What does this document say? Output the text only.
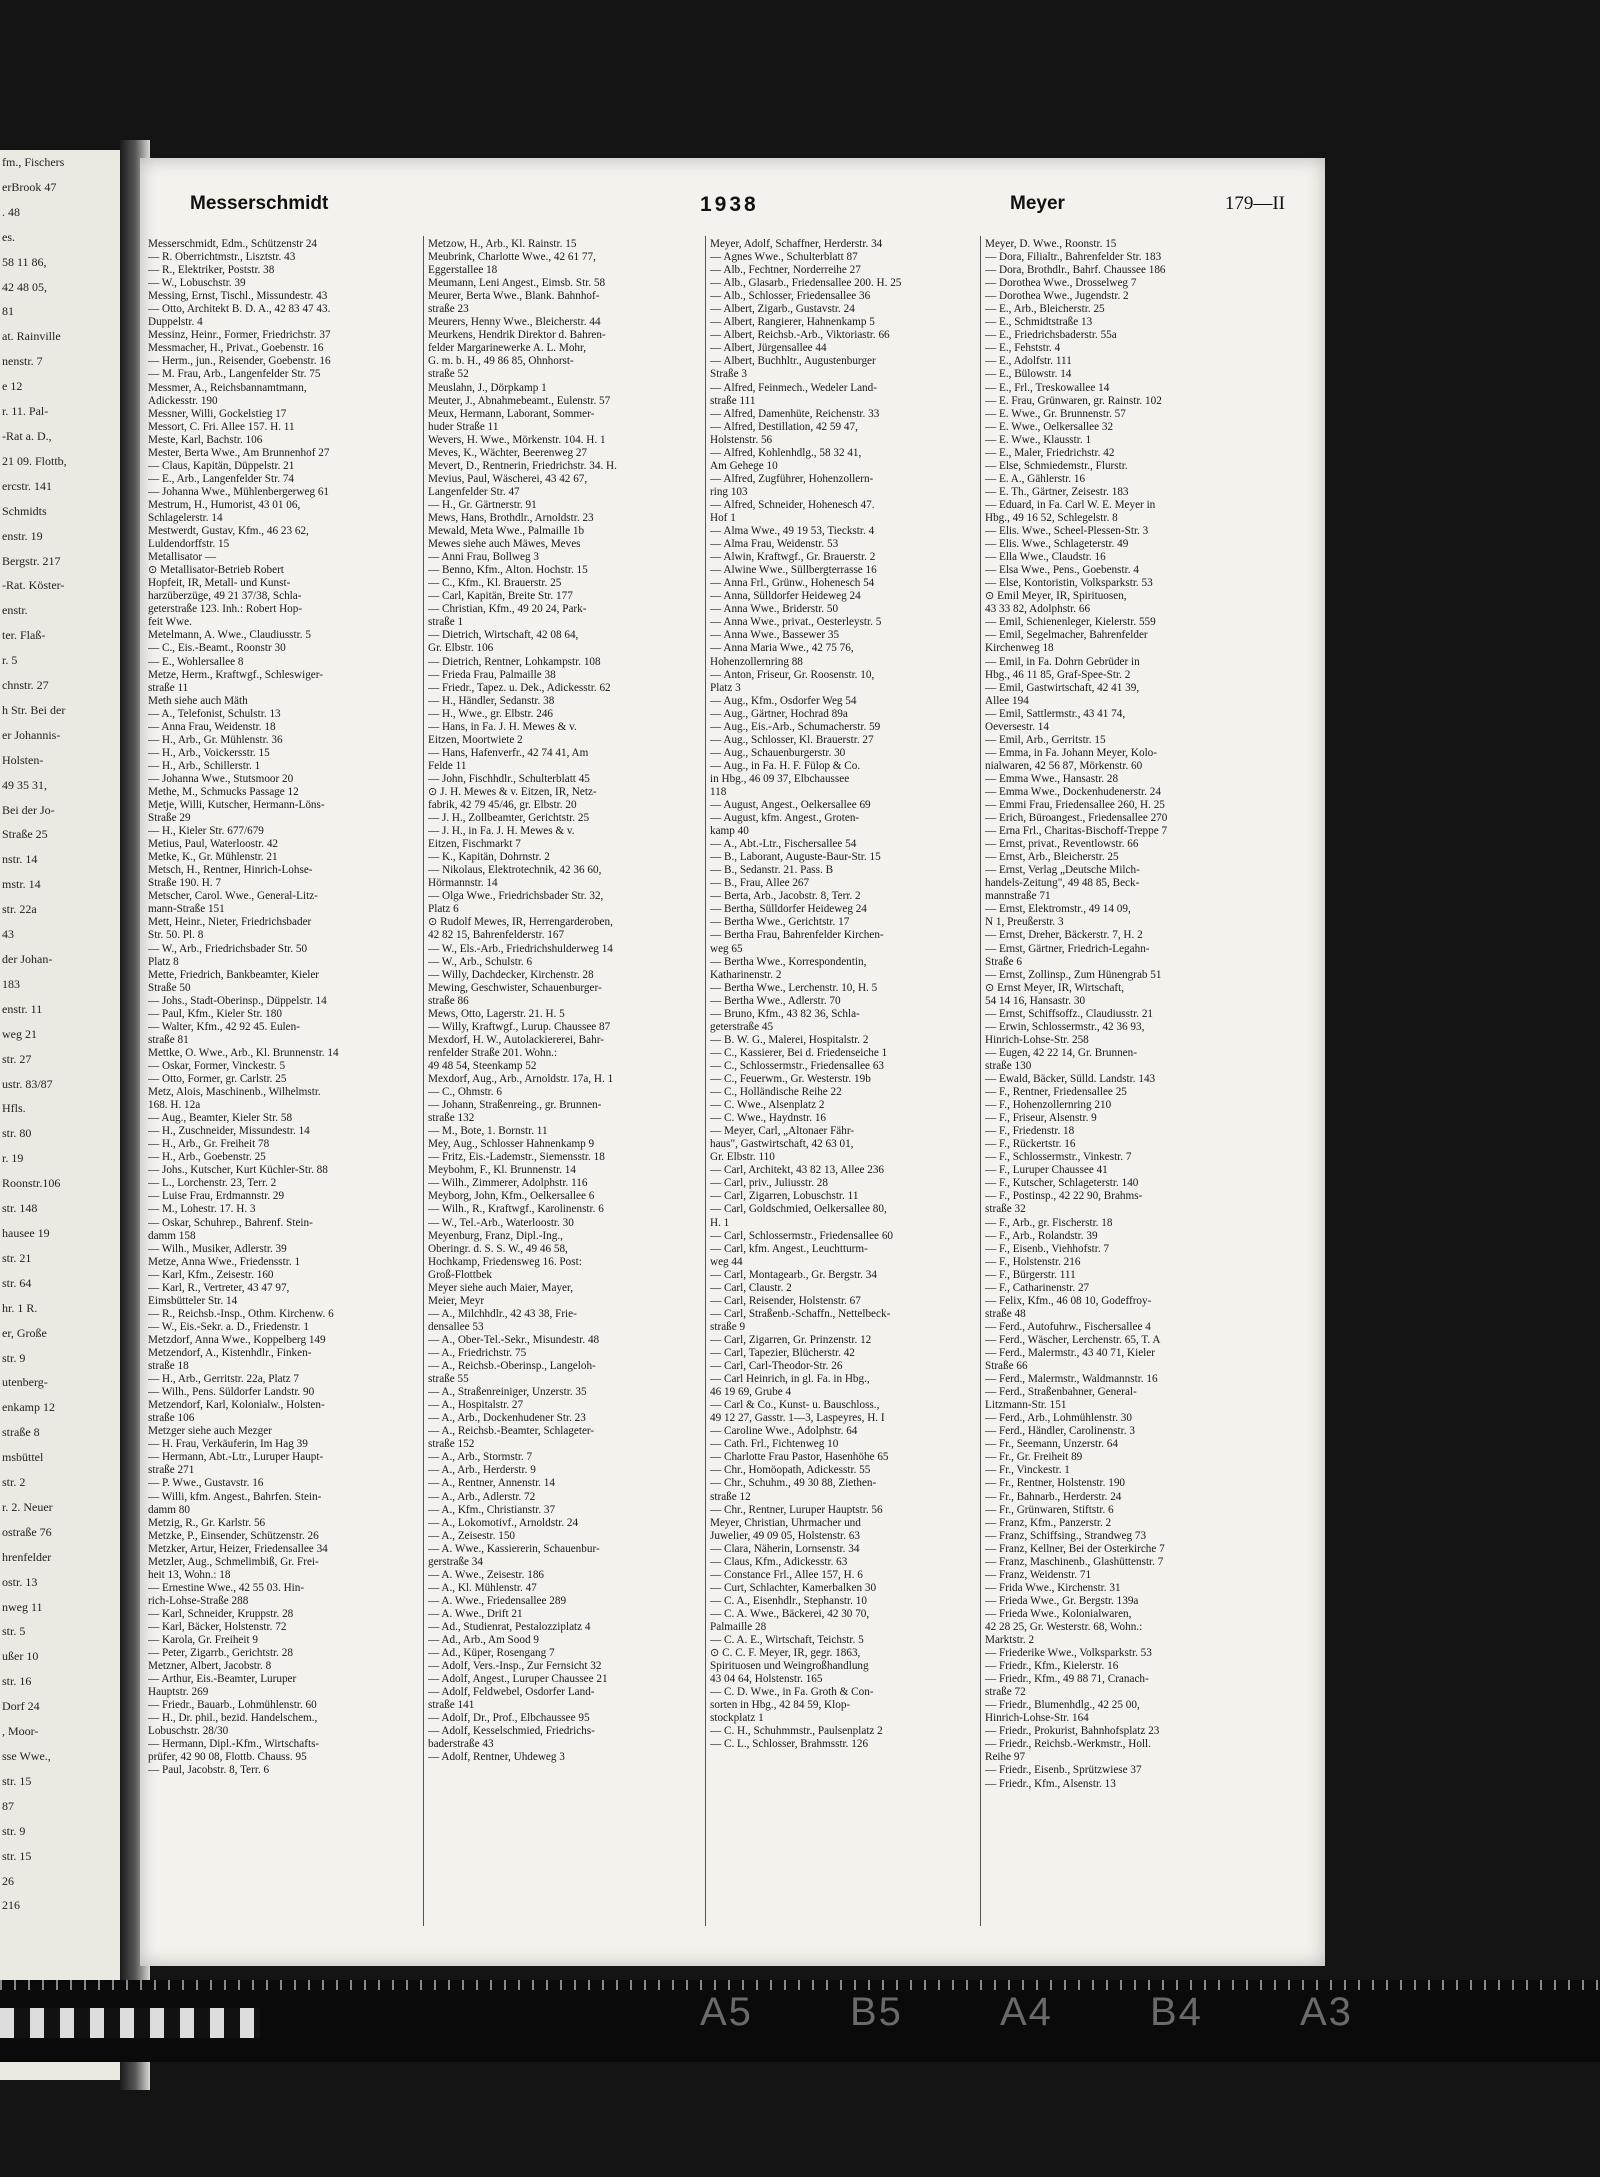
fm., Fischers
erBrook 47
. 48
es.
58 11 86,
42 48 05,
81
at. Rainville
nenstr. 7
e 12
r. 11. Pal-
-Rat a. D.,
21 09. Flottb,
ercstr. 141
Schmidts
enstr. 19
Bergstr. 217
-Rat. Köster-
enstr.
ter. Flaß-
r. 5
chnstr. 27
h Str. Bei der
er Johannis-
Holsten-
49 35 31,
Bei der Jo-
Straße 25
nstr. 14
mstr. 14
str. 22a
43
der Johan-
183
enstr. 11
weg 21
str. 27
ustr. 83/87
Hfls.
str. 80
r. 19
Roonstr.106
str. 148
hausee 19
str. 21
str. 64
hr. 1 R.
er, Große
str. 9
utenberg-
enkamp 12
straße 8
msbüttel
str. 2
r. 2. Neuer
ostraße 76
hrenfelder
ostr. 13
nweg 11
str. 5
ußer 10
str. 16
Dorf 24
, Moor-
sse Wwe.,
str. 15
87
str. 9
str. 15
26
216
Messerschmidt	1938	Meyer	179—II
Messerschmidt, Edm., Schützenstr 24
— R. Oberrichtmstr., Lisztstr. 43
— R., Elektriker, Poststr. 38
— W., Lobuschstr. 39
Messing, Ernst, Tischl., Missundestr. 43
— Otto, Architekt B. D. A., 42 83 47 43.
Duppelstr. 4
Messinz, Heinr., Former, Friedrichstr. 37
Messmacher, H., Privat., Goebenstr. 16
— Herm., jun., Reisender, Goebenstr. 16
— M. Frau, Arb., Langenfelder Str. 75
Messmer, A., Reichsbannamtmann,
Adickesstr. 190
Messner, Willi, Gockelstieg 17
Messort, C. Fri. Allee 157. H. 11
Meste, Karl, Bachstr. 106
Mester, Berta Wwe., Am Brunnenhof 27
— Claus, Kapitän, Düppelstr. 21
— E., Arb., Langenfelder Str. 74
— Johanna Wwe., Mühlenbergerweg 61
Mestrum, H., Humorist, 43 01 06,
Schlagelerstr. 14
Mestwerdt, Gustav, Kfm., 46 23 62,
Luldendorffstr. 15
Metallisator —
⊙ Metallisator-Betrieb Robert
Hopfeit, IR, Metall- und Kunst-
harzüberzüge, 49 21 37/38, Schla-
geterstraße 123. Inh.: Robert Hop-
feit Wwe.
Metelmann, A. Wwe., Claudiusstr. 5
— C., Eis.-Beamt., Roonstr 30
— E., Wohlersallee 8
Metze, Herm., Kraftwgf., Schleswiger-
straße 11
Meth siehe auch Mäth
— A., Telefonist, Schulstr. 13
— Anna Frau, Weidenstr. 18
— H., Arb., Gr. Mühlenstr. 36
— H., Arb., Voickersstr. 15
— H., Arb., Schillerstr. 1
— Johanna Wwe., Stutsmoor 20
Methe, M., Schmucks Passage 12
Metje, Willi, Kutscher, Hermann-Löns-
Straße 29
— H., Kieler Str. 677/679
Metius, Paul, Waterloostr. 42
Metke, K., Gr. Mühlenstr. 21
Metsch, H., Rentner, Hinrich-Lohse-
Straße 190. H. 7
Metscher, Carol. Wwe., General-Litz-
mann-Straße 151
Mett, Heinr., Nieter, Friedrichsbader
Str. 50. Pl. 8
— W., Arb., Friedrichsbader Str. 50
Platz 8
Mette, Friedrich, Bankbeamter, Kieler
Straße 50
— Johs., Stadt-Oberinsp., Düppelstr. 14
— Paul, Kfm., Kieler Str. 180
— Walter, Kfm., 42 92 45. Eulen-
straße 81
Mettke, O. Wwe., Arb., Kl. Brunnenstr. 14
— Oskar, Former, Vinckestr. 5
— Otto, Former, gr. Carlstr. 25
Metz, Alois, Maschinenb., Wilhelmstr.
168. H. 12a
— Aug., Beamter, Kieler Str. 58
— H., Zuschneider, Missundestr. 14
— H., Arb., Gr. Freiheit 78
— H., Arb., Goebenstr. 25
— Johs., Kutscher, Kurt Küchler-Str. 88
— L., Lorchenstr. 23, Terr. 2
— Luise Frau, Erdmannstr. 29
— M., Lohestr. 17. H. 3
— Oskar, Schuhrep., Bahrenf. Stein-
damm 158
— Wilh., Musiker, Adlerstr. 39
Metze, Anna Wwe., Friedensstr. 1
— Karl, Kfm., Zeisestr. 160
— Karl, R., Vertreter, 43 47 97,
Eimsbütteler Str. 14
— R., Reichsb.-Insp., Othm. Kirchenw. 6
— W., Eis.-Sekr. a. D., Friedenstr. 1
Metzdorf, Anna Wwe., Koppelberg 149
Metzendorf, A., Kistenhdlr., Finken-
straße 18
— H., Arb., Gerritstr. 22a, Platz 7
— Wilh., Pens. Süldorfer Landstr. 90
Metzendorf, Karl, Kolonialw., Holsten-
straße 106
Metzger siehe auch Mezger
— H. Frau, Verkäuferin, Im Hag 39
— Hermann, Abt.-Ltr., Luruper Haupt-
straße 271
— P. Wwe., Gustavstr. 16
— Willi, kfm. Angest., Bahrfen. Stein-
damm 80
Metzig, R., Gr. Karlstr. 56
Metzke, P., Einsender, Schützenstr. 26
Metzker, Artur, Heizer, Friedensallee 34
Metzler, Aug., Schmelimbiß, Gr. Frei-
heit 13, Wohn.: 18
— Ernestine Wwe., 42 55 03. Hin-
rich-Lohse-Straße 288
— Karl, Schneider, Kruppstr. 28
— Karl, Bäcker, Holstenstr. 72
— Karola, Gr. Freiheit 9
— Peter, Zigarrb., Gerichtstr. 28
Metzner, Albert, Jacobstr. 8
— Arthur, Eis.-Beamter, Luruper
Hauptstr. 269
— Friedr., Bauarb., Lohmühlenstr. 60
— H., Dr. phil., bezid. Handelschem.,
Lobuschstr. 28/30
— Hermann, Dipl.-Kfm., Wirtschafts-
prüfer, 42 90 08, Flottb. Chauss. 95
— Paul, Jacobstr. 8, Terr. 6
Metzow, H., Arb., Kl. Rainstr. 15
Meubrink, Charlotte Wwe., 42 61 77,
Eggerstallee 18
Meumann, Leni Angest., Eimsb. Str. 58
Meurer, Berta Wwe., Blank. Bahnhof-
straße 23
Meurers, Henny Wwe., Bleicherstr. 44
Meurkens, Hendrik Direktor d. Bahren-
felder Margarinewerke A. L. Mohr,
G. m. b. H., 49 86 85, Ohnhorst-
straße 52
Meuslahn, J., Dörpkamp 1
Meuter, J., Abnahmebeamt., Eulenstr. 57
Meux, Hermann, Laborant, Sommer-
huder Straße 11
Wevers, H. Wwe., Mörkenstr. 104. H. 1
Meves, K., Wächter, Beerenweg 27
Mevert, D., Rentnerin, Friedrichstr. 34. H.
Mevius, Paul, Wäscherei, 43 42 67,
Langenfelder Str. 47
— H., Gr. Gärtnerstr. 91
Mews, Hans, Brothdlr., Arnoldstr. 23
Mewald, Meta Wwe., Palmaille 1b
Mewes siehe auch Mäwes, Meves
— Anni Frau, Bollweg 3
— Benno, Kfm., Alton. Hochstr. 15
— C., Kfm., Kl. Brauerstr. 25
— Carl, Kapitän, Breite Str. 177
— Christian, Kfm., 49 20 24, Park-
straße 1
— Dietrich, Wirtschaft, 42 08 64,
Gr. Elbstr. 106
— Dietrich, Rentner, Lohkampstr. 108
— Frieda Frau, Palmaille 38
— Friedr., Tapez. u. Dek., Adickesstr. 62
— H., Händler, Sedanstr. 38
— H., Wwe., gr. Elbstr. 246
— Hans, in Fa. J. H. Mewes & v.
Eitzen, Moortwiete 2
— Hans, Hafenverfr., 42 74 41, Am
Felde 11
— John, Fischhdlr., Schulterblatt 45
⊙ J. H. Mewes & v. Eitzen, IR, Netz-
fabrik, 42 79 45/46, gr. Elbstr. 20
— J. H., Zollbeamter, Gerichtstr. 25
— J. H., in Fa. J. H. Mewes & v.
Eitzen, Fischmarkt 7
— K., Kapitän, Dohrnstr. 2
— Nikolaus, Elektrotechnik, 42 36 60,
Hörmannstr. 14
— Olga Wwe., Friedrichsbader Str. 32,
Platz 6
⊙ Rudolf Mewes, IR, Herrengarderoben,
42 82 15, Bahrenfelderstr. 167
— W., Els.-Arb., Friedrichshulderweg 14
— W., Arb., Schulstr. 6
— Willy, Dachdecker, Kirchenstr. 28
Mewing, Geschwister, Schauenburger-
straße 86
Mews, Otto, Lagerstr. 21. H. 5
— Willy, Kraftwgf., Lurup. Chaussee 87
Mexdorf, H. W., Autolackiererei, Bahr-
renfelder Straße 201. Wohn.:
49 48 54, Steenkamp 52
Mexdorf, Aug., Arb., Arnoldstr. 17a, H. 1
— C., Ohmstr. 6
— Johann, Straßenreing., gr. Brunnen-
straße 132
— M., Bote, 1. Bornstr. 11
Mey, Aug., Schlosser Hahnenkamp 9
— Fritz, Eis.-Lademstr., Siemensstr. 18
Meybohm, F., Kl. Brunnenstr. 14
— Wilh., Zimmerer, Adolphstr. 116
Meyborg, John, Kfm., Oelkersallee 6
— Wilh., R., Kraftwgf., Karolinenstr. 6
— W., Tel.-Arb., Waterloostr. 30
Meyenburg, Franz, Dipl.-Ing.,
Oberingr. d. S. S. W., 49 46 58,
Hochkamp, Friedensweg 16. Post:
Groß-Flottbek
Meyer siehe auch Maier, Mayer,
Meier, Meyr
— A., Milchhdlr., 42 43 38, Frie-
densallee 53
— A., Ober-Tel.-Sekr., Misundestr. 48
— A., Friedrichstr. 75
— A., Reichsb.-Oberinsp., Langeloh-
straße 55
— A., Straßenreiniger, Unzerstr. 35
— A., Hospitalstr. 27
— A., Arb., Dockenhudener Str. 23
— A., Reichsb.-Beamter, Schlageter-
straße 152
— A., Arb., Stormstr. 7
— A., Arb., Herderstr. 9
— A., Rentner, Annenstr. 14
— A., Arb., Adlerstr. 72
— A., Kfm., Christianstr. 37
— A., Lokomotivf., Arnoldstr. 24
— A., Zeisestr. 150
— A. Wwe., Kassiererin, Schauenbur-
gerstraße 34
— A. Wwe., Zeisestr. 186
— A., Kl. Mühlenstr. 47
— A. Wwe., Friedensallee 289
— A. Wwe., Drift 21
— Ad., Studienrat, Pestalozziplatz 4
— Ad., Arb., Am Sood 9
— Ad., Küper, Rosengang 7
— Adolf, Vers.-Insp., Zur Fernsicht 32
— Adolf, Angest., Luruper Chaussee 21
— Adolf, Feldwebel, Osdorfer Land-
straße 141
— Adolf, Dr., Prof., Elbchaussee 95
— Adolf, Kesselschmied, Friedrichs-
baderstraße 43
— Adolf, Rentner, Uhdeweg 3
Meyer, Adolf, Schaffner, Herderstr. 34
— Agnes Wwe., Schulterblatt 87
— Alb., Fechtner, Norderreihe 27
— Alb., Glasarb., Friedensallee 200. H. 25
— Alb., Schlosser, Friedensallee 36
— Albert, Zigarb., Gustavstr. 24
— Albert, Rangierer, Hahnenkamp 5
— Albert, Reichsb.-Arb., Viktoriastr. 66
— Albert, Jürgensallee 44
— Albert, Buchhltr., Augustenburger
Straße 3
— Alfred, Feinmech., Wedeler Land-
straße 111
— Alfred, Damenhüte, Reichenstr. 33
— Alfred, Destillation, 42 59 47,
Holstenstr. 56
— Alfred, Kohlenhdlg., 58 32 41,
Am Gehege 10
— Alfred, Zugführer, Hohenzollern-
ring 103
— Alfred, Schneider, Hohenesch 47.
Hof 1
— Alma Wwe., 49 19 53, Tieckstr. 4
— Alma Frau, Weidenstr. 53
— Alwin, Kraftwgf., Gr. Brauerstr. 2
— Alwine Wwe., Süllbergterrasse 16
— Anna Frl., Grünw., Hohenesch 54
— Anna, Sülldorfer Heideweg 24
— Anna Wwe., Briderstr. 50
— Anna Wwe., privat., Oesterleystr. 5
— Anna Wwe., Bassewer 35
— Anna Maria Wwe., 42 75 76,
Hohenzollernring 88
— Anton, Friseur, Gr. Roosenstr. 10,
Platz 3
— Aug., Kfm., Osdorfer Weg 54
— Aug., Gärtner, Hochrad 89a
— Aug., Eis.-Arb., Schumacherstr. 59
— Aug., Schlosser, Kl. Brauerstr. 27
— Aug., Schauenburgerstr. 30
— Aug., in Fa. H. F. Fülop & Co.
in Hbg., 46 09 37, Elbchaussee
118
— August, Angest., Oelkersallee 69
— August, kfm. Angest., Groten-
kamp 40
— A., Abt.-Ltr., Fischersallee 54
— B., Laborant, Auguste-Baur-Str. 15
— B., Sedanstr. 21. Pass. B
— B., Frau, Allee 267
— Berta, Arb., Jacobstr. 8, Terr. 2
— Bertha, Sülldorfer Heideweg 24
— Bertha Wwe., Gerichtstr. 17
— Bertha Frau, Bahrenfelder Kirchen-
weg 65
— Bertha Wwe., Korrespondentin,
Katharinenstr. 2
— Bertha Wwe., Lerchenstr. 10, H. 5
— Bertha Wwe., Adlerstr. 70
— Bruno, Kfm., 43 82 36, Schla-
geterstraße 45
— B. W. G., Malerei, Hospitalstr. 2
— C., Kassierer, Bei d. Friedenseiche 1
— C., Schlossermstr., Friedensallee 63
— C., Feuerwm., Gr. Westerstr. 19b
— C., Holländische Reihe 22
— C. Wwe., Alsenplatz 2
— C. Wwe., Haydnstr. 16
— Meyer, Carl, „Altonaer Fähr-
haus", Gastwirtschaft, 42 63 01,
Gr. Elbstr. 110
— Carl, Architekt, 43 82 13, Allee 236
— Carl, priv., Juliusstr. 28
— Carl, Zigarren, Lobuschstr. 11
— Carl, Goldschmied, Oelkersallee 80,
H. 1
— Carl, Schlossermstr., Friedensallee 60
— Carl, kfm. Angest., Leuchtturm-
weg 44
— Carl, Montagearb., Gr. Bergstr. 34
— Carl, Claustr. 2
— Carl, Reisender, Holstenstr. 67
— Carl, Straßenb.-Schaffn., Nettelbeck-
straße 9
— Carl, Zigarren, Gr. Prinzenstr. 12
— Carl, Tapezier, Blücherstr. 42
— Carl, Carl-Theodor-Str. 26
— Carl Heinrich, in gl. Fa. in Hbg.,
46 19 69, Grube 4
— Carl & Co., Kunst- u. Bauschloss.,
49 12 27, Gasstr. 1—3, Laspeyres, H. I
— Caroline Wwe., Adolphstr. 64
— Cath. Frl., Fichtenweg 10
— Charlotte Frau Pastor, Hasenhöhe 65
— Chr., Homöopath, Adickesstr. 55
— Chr., Schuhm., 49 30 88, Ziethen-
straße 12
— Chr., Rentner, Luruper Hauptstr. 56
Meyer, Christian, Uhrmacher und
Juwelier, 49 09 05, Holstenstr. 63
— Clara, Näherin, Lornsenstr. 34
— Claus, Kfm., Adickesstr. 63
— Constance Frl., Allee 157, H. 6
— Curt, Schlachter, Kamerbalken 30
— C. A., Eisenhdlr., Stephanstr. 10
— C. A. Wwe., Bäckerei, 42 30 70,
Palmaille 28
— C. A. E., Wirtschaft, Teichstr. 5
⊙ C. C. F. Meyer, IR, gegr. 1863,
Spirituosen und Weingroßhandlung
43 04 64, Holstenstr. 165
— C. D. Wwe., in Fa. Groth & Con-
sorten in Hbg., 42 84 59, Klop-
stockplatz 1
— C. H., Schuhmmstr., Paulsenplatz 2
— C. L., Schlosser, Brahmsstr. 126
Meyer, D. Wwe., Roonstr. 15
— Dora, Filialtr., Bahrenfelder Str. 183
— Dora, Brothdlr., Bahrf. Chaussee 186
— Dorothea Wwe., Drosselweg 7
— Dorothea Wwe., Jugendstr. 2
— E., Arb., Bleicherstr. 25
— E., Schmidtstraße 13
— E., Friedrichsbaderstr. 55a
— E., Fehststr. 4
— E., Adolfstr. 111
— E., Bülowstr. 14
— E., Frl., Treskowallee 14
— E. Frau, Grünwaren, gr. Rainstr. 102
— E. Wwe., Gr. Brunnenstr. 57
— E. Wwe., Oelkersallee 32
— E. Wwe., Klausstr. 1
— E., Maler, Friedrichstr. 42
— Else, Schmiedemstr., Flurstr.
— E. A., Gählerstr. 16
— E. Th., Gärtner, Zeisestr. 183
— Eduard, in Fa. Carl W. E. Meyer in
Hbg., 49 16 52, Schlegelstr. 8
— Elis. Wwe., Scheel-Plessen-Str. 3
— Elis. Wwe., Schlageterstr. 49
— Ella Wwe., Claudstr. 16
— Elsa Wwe., Pens., Goebenstr. 4
— Else, Kontoristin, Volksparkstr. 53
⊙ Emil Meyer, IR, Spirituosen,
43 33 82, Adolphstr. 66
— Emil, Schienenleger, Kielerstr. 559
— Emil, Segelmacher, Bahrenfelder
Kirchenweg 18
— Emil, in Fa. Dohrn Gebrüder in
Hbg., 46 11 85, Graf-Spee-Str. 2
— Emil, Gastwirtschaft, 42 41 39,
Allee 194
— Emil, Sattlermstr., 43 41 74,
Oeversestr. 14
— Emil, Arb., Gerritstr. 15
— Emma, in Fa. Johann Meyer, Kolo-
nialwaren, 42 56 87, Mörkenstr. 60
— Emma Wwe., Hansastr. 28
— Emma Wwe., Dockenhudenerstr. 24
— Emmi Frau, Friedensallee 260, H. 25
— Erich, Büroangest., Friedensallee 270
— Erna Frl., Charitas-Bischoff-Treppe 7
— Ernst, privat., Reventlowstr. 66
— Ernst, Arb., Bleicherstr. 25
— Ernst, Verlag „Deutsche Milch-
handels-Zeitung", 49 48 85, Beck-
mannstraße 71
— Ernst, Elektromstr., 49 14 09,
N 1, Preußerstr. 3
— Ernst, Dreher, Bäckerstr. 7, H. 2
— Ernst, Gärtner, Friedrich-Legahn-
Straße 6
— Ernst, Zollinsp., Zum Hünengrab 51
⊙ Ernst Meyer, IR, Wirtschaft,
54 14 16, Hansastr. 30
— Ernst, Schiffsoffz., Claudiusstr. 21
— Erwin, Schlossermstr., 42 36 93,
Hinrich-Lohse-Str. 258
— Eugen, 42 22 14, Gr. Brunnen-
straße 130
— Ewald, Bäcker, Sülld. Landstr. 143
— F., Rentner, Friedensallee 25
— F., Hohenzollernring 210
— F., Friseur, Alsenstr. 9
— F., Friedenstr. 18
— F., Rückertstr. 16
— F., Schlossermstr., Vinkestr. 7
— F., Luruper Chaussee 41
— F., Kutscher, Schlageterstr. 140
— F., Postinsp., 42 22 90, Brahms-
straße 32
— F., Arb., gr. Fischerstr. 18
— F., Arb., Rolandstr. 39
— F., Eisenb., Viehhofstr. 7
— F., Holstenstr. 216
— F., Bürgerstr. 111
— F., Catharinenstr. 27
— Felix, Kfm., 46 08 10, Godeffroy-
straße 48
— Ferd., Autofuhrw., Fischersallee 4
— Ferd., Wäscher, Lerchenstr. 65, T. A
— Ferd., Malermstr., 43 40 71, Kieler
Straße 66
— Ferd., Malermstr., Waldmannstr. 16
— Ferd., Straßenbahner, General-
Litzmann-Str. 151
— Ferd., Arb., Lohmühlenstr. 30
— Ferd., Händler, Carolinenstr. 3
— Fr., Seemann, Unzerstr. 64
— Fr., Gr. Freiheit 89
— Fr., Vinckestr. 1
— Fr., Rentner, Holstenstr. 190
— Fr., Bahnarb., Herderstr. 24
— Fr., Grünwaren, Stiftstr. 6
— Franz, Kfm., Panzerstr. 2
— Franz, Schiffsing., Strandweg 73
— Franz, Kellner, Bei der Osterkirche 7
— Franz, Maschinenb., Glashüttenstr. 7
— Franz, Weidenstr. 71
— Frida Wwe., Kirchenstr. 31
— Frieda Wwe., Gr. Bergstr. 139a
— Frieda Wwe., Kolonialwaren,
42 28 25, Gr. Westerstr. 68, Wohn.:
Marktstr. 2
— Friederike Wwe., Volksparkstr. 53
— Friedr., Kfm., Kielerstr. 16
— Friedr., Kfm., 49 88 71, Cranach-
straße 72
— Friedr., Blumenhdlg., 42 25 00,
Hinrich-Lohse-Str. 164
— Friedr., Prokurist, Bahnhofsplatz 23
— Friedr., Reichsb.-Werkmstr., Holl.
Reihe 97
— Friedr., Eisenb., Sprützwiese 37
— Friedr., Kfm., Alsenstr. 13
A5 B5 A4 B4 A3
